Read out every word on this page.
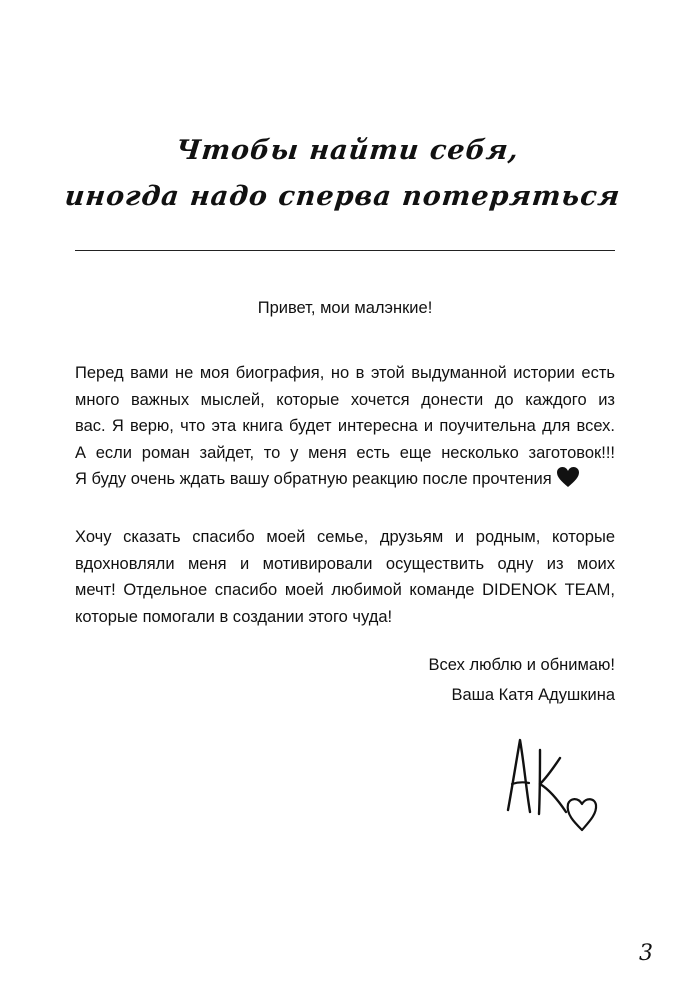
Чтобы найти себя,
иногда надо сперва потеряться
Привет, мои малэнкие!
Перед вами не моя биография, но в этой выдуманной истории есть
много важных мыслей, которые хочется донести до каждого из
вас. Я верю, что эта книга будет интересна и поучительна для всех.
А если роман зайдет, то у меня есть еще несколько заготовок!!!
Я буду очень ждать вашу обратную реакцию после прочтения
Хочу сказать спасибо моей семье, друзьям и родным, которые
вдохновляли меня и мотивировали осуществить одну из моих
мечт! Отдельное спасибо моей любимой команде DIDENOK TEAM,
которые помогали в создании этого чуда!
Всех люблю и обнимаю!
Ваша Катя Адушкина
3
